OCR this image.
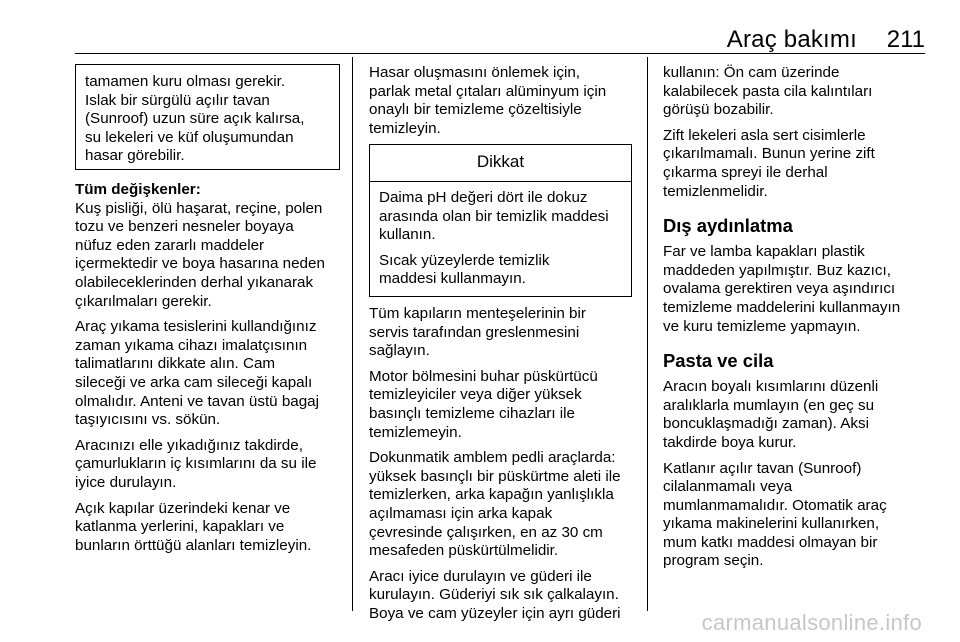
Araç bakımı 211
tamamen kuru olması gerekir.
Islak bir sürgülü açılır tavan
(Sunroof) uzun süre açık kalırsa,
su lekeleri ve küf oluşumundan
hasar görebilir.
Tüm değişkenler:

Kuş pisliği, ölü haşarat, reçine, polen
tozu ve benzeri nesneler boyaya
nüfuz eden zararlı maddeler
içermektedir ve boya hasarına neden
olabileceklerinden derhal yıkanarak
çıkarılmaları gerekir.

Araç yıkama tesislerini kullandığınız
zaman yıkama cihazı imalatçısının
talimatlarını dikkate alın. Cam
sileceği ve arka cam sileceği kapalı
olmalıdır. Anteni ve tavan üstü bagaj
taşıyıcısını vs. sökün.

Aracınızı elle yıkadığınız takdirde,
çamurlukların iç kısımlarını da su ile
iyice durulayın.

Açık kapılar üzerindeki kenar ve
katlanma yerlerini, kapakları ve
bunların örttüğü alanları temizleyin.

Hasar oluşmasını önlemek için,
parlak metal çıtaları alüminyum için
onaylı bir temizleme çözeltisiyle
temizleyin.

Dikkat

Daima pH değeri dört ile dokuz
arasında olan bir temizlik maddesi
kullanın.

Sıcak yüzeylerde temizlik
maddesi kullanmayın.

Tüm kapıların menteşelerinin bir
servis tarafından greslenmesini
sağlayın.

Motor bölmesini buhar püskürtücü
temizleyiciler veya diğer yüksek
basınçlı temizleme cihazları ile
temizlemeyin.

Dokunmatik amblem pedli araçlarda:
yüksek basınçlı bir püskürtme aleti ile
temizlerken, arka kapağın yanlışlıkla
açılmaması için arka kapak
çevresinde çalışırken, en az 30 cm
mesafeden püskürtülmelidir.

Aracı iyice durulayın ve güderi ile
kurulayın. Güderiyi sık sık çalkalayın.
Boya ve cam yüzeyler için ayrı güderi

kullanın: Ön cam üzerinde
kalabilecek pasta cila kalıntıları
görüşü bozabilir.

Zift lekeleri asla sert cisimlerle
çıkarılmamalı. Bunun yerine zift
çıkarma spreyi ile derhal
temizlenmelidir.

Dış aydınlatma

Far ve lamba kapakları plastik
maddeden yapılmıştır. Buz kazıcı,
ovalama gerektiren veya aşındırıcı
temizleme maddelerini kullanmayın
ve kuru temizleme yapmayın.

Pasta ve cila

Aracın boyalı kısımlarını düzenli
aralıklarla mumlayın (en geç su
boncuklaşmadığı zaman). Aksi
takdirde boya kurur.

Katlanır açılır tavan (Sunroof)
cilalanmamalı veya
mumlanmamalıdır. Otomatik araç
yıkama makinelerini kullanırken,
mum katkı maddesi olmayan bir
program seçin.

carmanualsonline.info
